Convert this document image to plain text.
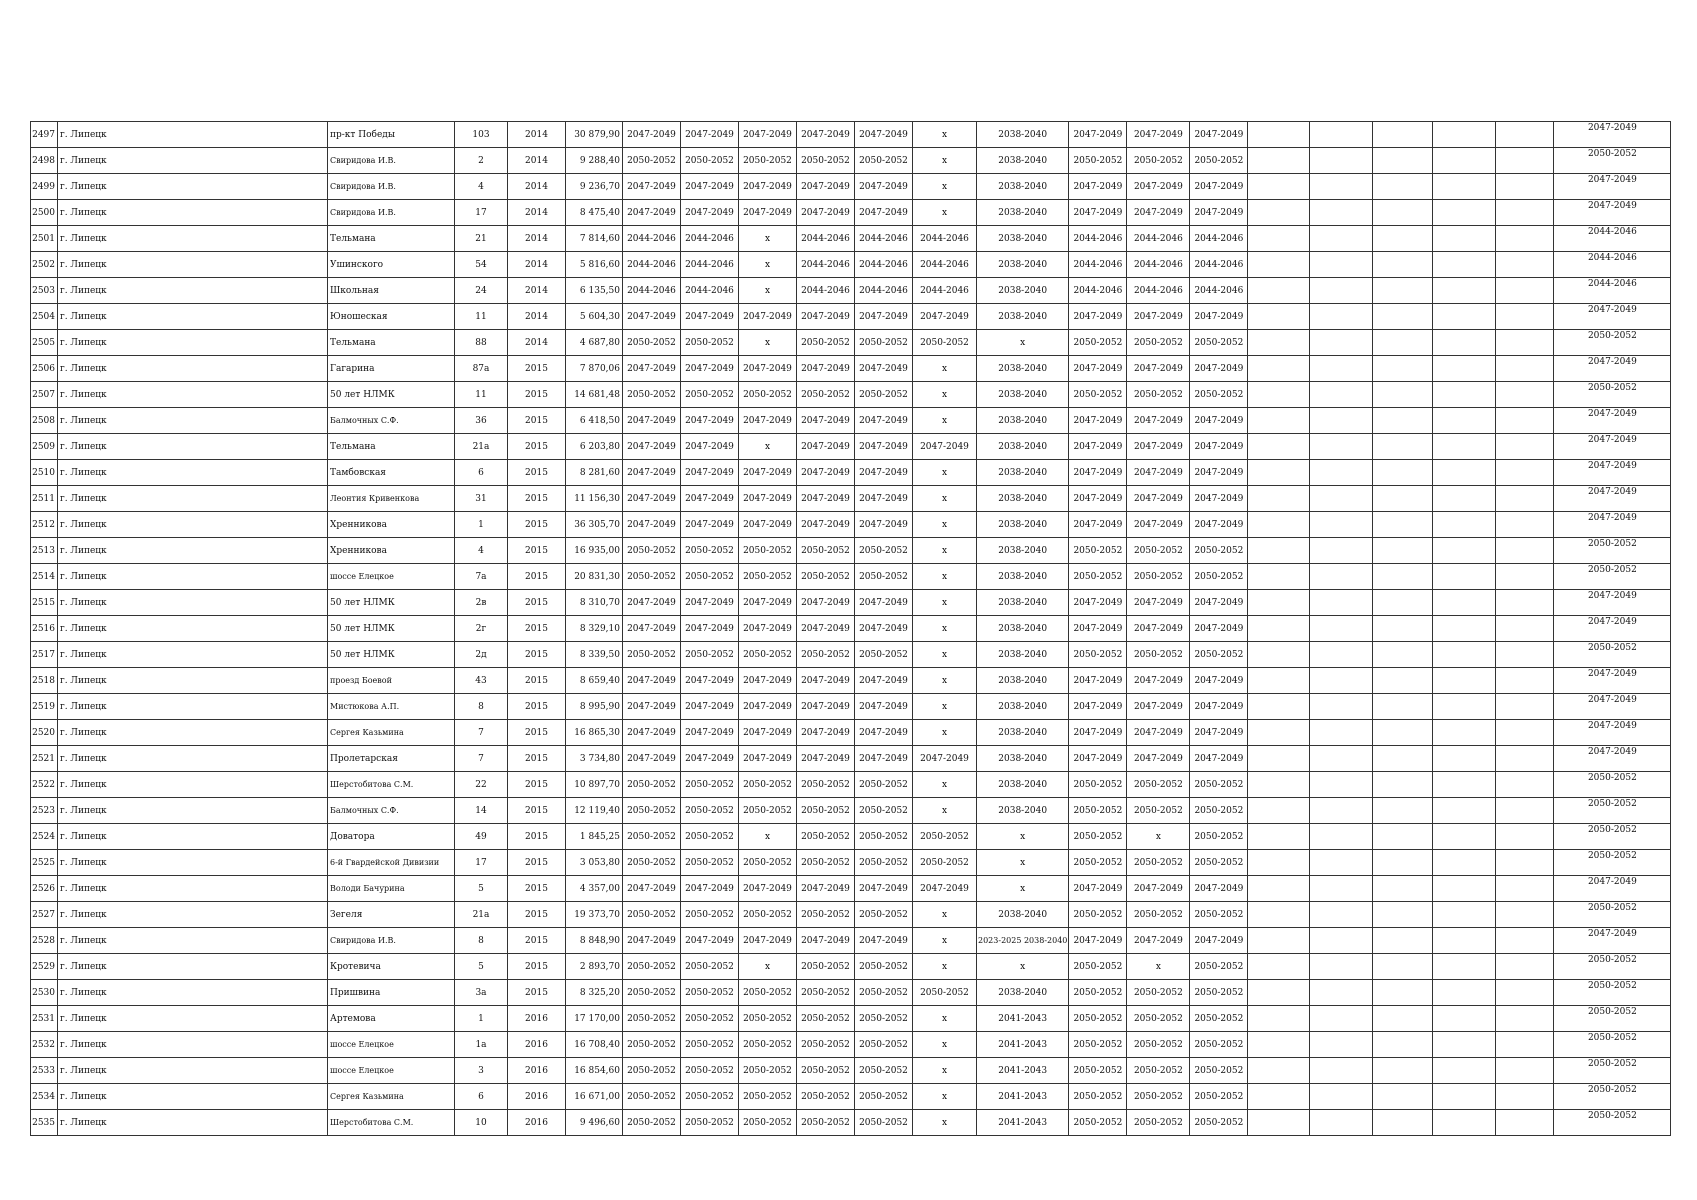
2497	г. Липецк	пр-кт Победы	103	2014	30 879,90	2047-2049	2047-2049	2047-2049	2047-2049	2047-2049	x	2038-2040	2047-2049	2047-2049	2047-2049						2047-2049
2498	г. Липецк	Свиридова И.В.	2	2014	9 288,40	2050-2052	2050-2052	2050-2052	2050-2052	2050-2052	x	2038-2040	2050-2052	2050-2052	2050-2052						2050-2052
2499	г. Липецк	Свиридова И.В.	4	2014	9 236,70	2047-2049	2047-2049	2047-2049	2047-2049	2047-2049	x	2038-2040	2047-2049	2047-2049	2047-2049						2047-2049
2500	г. Липецк	Свиридова И.В.	17	2014	8 475,40	2047-2049	2047-2049	2047-2049	2047-2049	2047-2049	x	2038-2040	2047-2049	2047-2049	2047-2049						2047-2049
2501	г. Липецк	Тельмана	21	2014	7 814,60	2044-2046	2044-2046	x	2044-2046	2044-2046	2044-2046	2038-2040	2044-2046	2044-2046	2044-2046						2044-2046
2502	г. Липецк	Ушинского	54	2014	5 816,60	2044-2046	2044-2046	x	2044-2046	2044-2046	2044-2046	2038-2040	2044-2046	2044-2046	2044-2046						2044-2046
2503	г. Липецк	Школьная	24	2014	6 135,50	2044-2046	2044-2046	x	2044-2046	2044-2046	2044-2046	2038-2040	2044-2046	2044-2046	2044-2046						2044-2046
2504	г. Липецк	Юношеская	11	2014	5 604,30	2047-2049	2047-2049	2047-2049	2047-2049	2047-2049	2047-2049	2038-2040	2047-2049	2047-2049	2047-2049						2047-2049
2505	г. Липецк	Тельмана	88	2014	4 687,80	2050-2052	2050-2052	x	2050-2052	2050-2052	2050-2052	x	2050-2052	2050-2052	2050-2052						2050-2052
2506	г. Липецк	Гагарина	87а	2015	7 870,06	2047-2049	2047-2049	2047-2049	2047-2049	2047-2049	x	2038-2040	2047-2049	2047-2049	2047-2049						2047-2049
2507	г. Липецк	50 лет НЛМК	11	2015	14 681,48	2050-2052	2050-2052	2050-2052	2050-2052	2050-2052	x	2038-2040	2050-2052	2050-2052	2050-2052						2050-2052
2508	г. Липецк	Балмочных С.Ф.	36	2015	6 418,50	2047-2049	2047-2049	2047-2049	2047-2049	2047-2049	x	2038-2040	2047-2049	2047-2049	2047-2049						2047-2049
2509	г. Липецк	Тельмана	21а	2015	6 203,80	2047-2049	2047-2049	x	2047-2049	2047-2049	2047-2049	2038-2040	2047-2049	2047-2049	2047-2049						2047-2049
2510	г. Липецк	Тамбовская	6	2015	8 281,60	2047-2049	2047-2049	2047-2049	2047-2049	2047-2049	x	2038-2040	2047-2049	2047-2049	2047-2049						2047-2049
2511	г. Липецк	Леонтия Кривенкова	31	2015	11 156,30	2047-2049	2047-2049	2047-2049	2047-2049	2047-2049	x	2038-2040	2047-2049	2047-2049	2047-2049						2047-2049
2512	г. Липецк	Хренникова	1	2015	36 305,70	2047-2049	2047-2049	2047-2049	2047-2049	2047-2049	x	2038-2040	2047-2049	2047-2049	2047-2049						2047-2049
2513	г. Липецк	Хренникова	4	2015	16 935,00	2050-2052	2050-2052	2050-2052	2050-2052	2050-2052	x	2038-2040	2050-2052	2050-2052	2050-2052						2050-2052
2514	г. Липецк	шоссе Елецкое	7а	2015	20 831,30	2050-2052	2050-2052	2050-2052	2050-2052	2050-2052	x	2038-2040	2050-2052	2050-2052	2050-2052						2050-2052
2515	г. Липецк	50 лет НЛМК	2в	2015	8 310,70	2047-2049	2047-2049	2047-2049	2047-2049	2047-2049	x	2038-2040	2047-2049	2047-2049	2047-2049						2047-2049
2516	г. Липецк	50 лет НЛМК	2г	2015	8 329,10	2047-2049	2047-2049	2047-2049	2047-2049	2047-2049	x	2038-2040	2047-2049	2047-2049	2047-2049						2047-2049
2517	г. Липецк	50 лет НЛМК	2д	2015	8 339,50	2050-2052	2050-2052	2050-2052	2050-2052	2050-2052	x	2038-2040	2050-2052	2050-2052	2050-2052						2050-2052
2518	г. Липецк	проезд Боевой	43	2015	8 659,40	2047-2049	2047-2049	2047-2049	2047-2049	2047-2049	x	2038-2040	2047-2049	2047-2049	2047-2049						2047-2049
2519	г. Липецк	Мистюкова А.П.	8	2015	8 995,90	2047-2049	2047-2049	2047-2049	2047-2049	2047-2049	x	2038-2040	2047-2049	2047-2049	2047-2049						2047-2049
2520	г. Липецк	Сергея Казьмина	7	2015	16 865,30	2047-2049	2047-2049	2047-2049	2047-2049	2047-2049	x	2038-2040	2047-2049	2047-2049	2047-2049						2047-2049
2521	г. Липецк	Пролетарская	7	2015	3 734,80	2047-2049	2047-2049	2047-2049	2047-2049	2047-2049	2047-2049	2038-2040	2047-2049	2047-2049	2047-2049						2047-2049
2522	г. Липецк	Шерстобитова С.М.	22	2015	10 897,70	2050-2052	2050-2052	2050-2052	2050-2052	2050-2052	x	2038-2040	2050-2052	2050-2052	2050-2052						2050-2052
2523	г. Липецк	Балмочных С.Ф.	14	2015	12 119,40	2050-2052	2050-2052	2050-2052	2050-2052	2050-2052	x	2038-2040	2050-2052	2050-2052	2050-2052						2050-2052
2524	г. Липецк	Доватора	49	2015	1 845,25	2050-2052	2050-2052	x	2050-2052	2050-2052	2050-2052	x	2050-2052	x	2050-2052						2050-2052
2525	г. Липецк	6-й Гвардейской Дивизии	17	2015	3 053,80	2050-2052	2050-2052	2050-2052	2050-2052	2050-2052	2050-2052	x	2050-2052	2050-2052	2050-2052						2050-2052
2526	г. Липецк	Володи Бачурина	5	2015	4 357,00	2047-2049	2047-2049	2047-2049	2047-2049	2047-2049	2047-2049	x	2047-2049	2047-2049	2047-2049						2047-2049
2527	г. Липецк	Зегеля	21а	2015	19 373,70	2050-2052	2050-2052	2050-2052	2050-2052	2050-2052	x	2038-2040	2050-2052	2050-2052	2050-2052						2050-2052
2528	г. Липецк	Свиридова И.В.	8	2015	8 848,90	2047-2049	2047-2049	2047-2049	2047-2049	2047-2049	x	2023-2025 2038-2040	2047-2049	2047-2049	2047-2049						2047-2049
2529	г. Липецк	Кротевича	5	2015	2 893,70	2050-2052	2050-2052	x	2050-2052	2050-2052	x	x	2050-2052	x	2050-2052						2050-2052
2530	г. Липецк	Пришвина	3а	2015	8 325,20	2050-2052	2050-2052	2050-2052	2050-2052	2050-2052	2050-2052	2038-2040	2050-2052	2050-2052	2050-2052						2050-2052
2531	г. Липецк	Артемова	1	2016	17 170,00	2050-2052	2050-2052	2050-2052	2050-2052	2050-2052	x	2041-2043	2050-2052	2050-2052	2050-2052						2050-2052
2532	г. Липецк	шоссе Елецкое	1а	2016	16 708,40	2050-2052	2050-2052	2050-2052	2050-2052	2050-2052	x	2041-2043	2050-2052	2050-2052	2050-2052						2050-2052
2533	г. Липецк	шоссе Елецкое	3	2016	16 854,60	2050-2052	2050-2052	2050-2052	2050-2052	2050-2052	x	2041-2043	2050-2052	2050-2052	2050-2052						2050-2052
2534	г. Липецк	Сергея Казьмина	6	2016	16 671,00	2050-2052	2050-2052	2050-2052	2050-2052	2050-2052	x	2041-2043	2050-2052	2050-2052	2050-2052						2050-2052
2535	г. Липецк	Шерстобитова С.М.	10	2016	9 496,60	2050-2052	2050-2052	2050-2052	2050-2052	2050-2052	x	2041-2043	2050-2052	2050-2052	2050-2052						2050-2052
